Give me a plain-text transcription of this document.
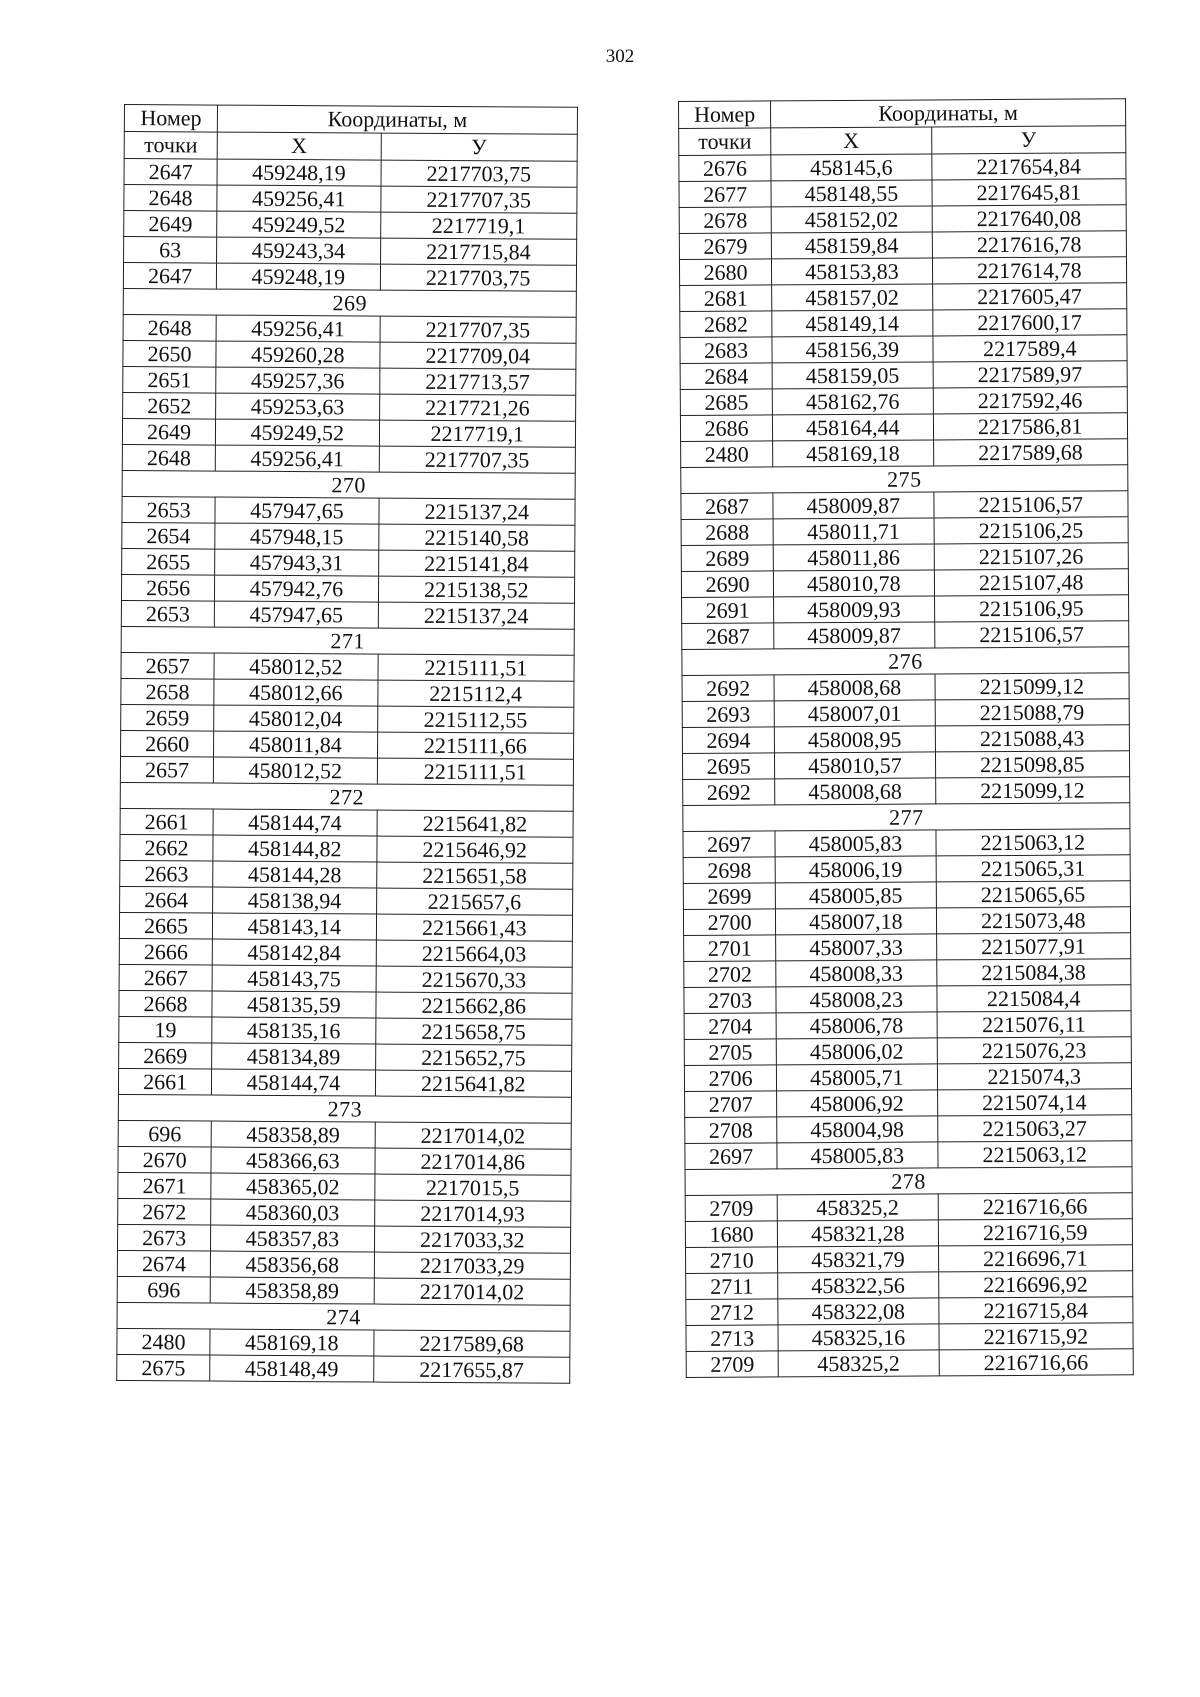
302
Номер	Координаты, м	
точки	Х	У
2647	459248,19	2217703,75
2648	459256,41	2217707,35
2649	459249,52	2217719,1
63	459243,34	2217715,84
2647	459248,19	2217703,75
269		
2648	459256,41	2217707,35
2650	459260,28	2217709,04
2651	459257,36	2217713,57
2652	459253,63	2217721,26
2649	459249,52	2217719,1
2648	459256,41	2217707,35
270		
2653	457947,65	2215137,24
2654	457948,15	2215140,58
2655	457943,31	2215141,84
2656	457942,76	2215138,52
2653	457947,65	2215137,24
271		
2657	458012,52	2215111,51
2658	458012,66	2215112,4
2659	458012,04	2215112,55
2660	458011,84	2215111,66
2657	458012,52	2215111,51
272		
2661	458144,74	2215641,82
2662	458144,82	2215646,92
2663	458144,28	2215651,58
2664	458138,94	2215657,6
2665	458143,14	2215661,43
2666	458142,84	2215664,03
2667	458143,75	2215670,33
2668	458135,59	2215662,86
19	458135,16	2215658,75
2669	458134,89	2215652,75
2661	458144,74	2215641,82
273		
696	458358,89	2217014,02
2670	458366,63	2217014,86
2671	458365,02	2217015,5
2672	458360,03	2217014,93
2673	458357,83	2217033,32
2674	458356,68	2217033,29
696	458358,89	2217014,02
274		
2480	458169,18	2217589,68
2675	458148,49	2217655,87
Номер	Координаты, м	
точки	Х	У
2676	458145,6	2217654,84
2677	458148,55	2217645,81
2678	458152,02	2217640,08
2679	458159,84	2217616,78
2680	458153,83	2217614,78
2681	458157,02	2217605,47
2682	458149,14	2217600,17
2683	458156,39	2217589,4
2684	458159,05	2217589,97
2685	458162,76	2217592,46
2686	458164,44	2217586,81
2480	458169,18	2217589,68
275		
2687	458009,87	2215106,57
2688	458011,71	2215106,25
2689	458011,86	2215107,26
2690	458010,78	2215107,48
2691	458009,93	2215106,95
2687	458009,87	2215106,57
276		
2692	458008,68	2215099,12
2693	458007,01	2215088,79
2694	458008,95	2215088,43
2695	458010,57	2215098,85
2692	458008,68	2215099,12
277		
2697	458005,83	2215063,12
2698	458006,19	2215065,31
2699	458005,85	2215065,65
2700	458007,18	2215073,48
2701	458007,33	2215077,91
2702	458008,33	2215084,38
2703	458008,23	2215084,4
2704	458006,78	2215076,11
2705	458006,02	2215076,23
2706	458005,71	2215074,3
2707	458006,92	2215074,14
2708	458004,98	2215063,27
2697	458005,83	2215063,12
278		
2709	458325,2	2216716,66
1680	458321,28	2216716,59
2710	458321,79	2216696,71
2711	458322,56	2216696,92
2712	458322,08	2216715,84
2713	458325,16	2216715,92
2709	458325,2	2216716,66
